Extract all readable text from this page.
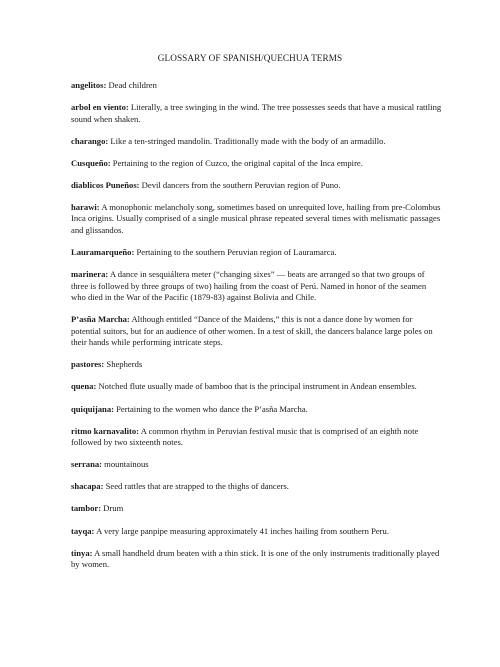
GLOSSARY OF SPANISH/QUECHUA TERMS

angelitos: Dead children

arbol en viento: Literally, a tree swinging in the wind. The tree possesses seeds that have a musical rattling sound when shaken.

charango: Like a ten-stringed mandolin. Traditionally made with the body of an armadillo.

Cusqueño: Pertaining to the region of Cuzco, the original capital of the Inca empire.

diablicos Puneños: Devil dancers from the southern Peruvian region of Puno.

harawi: A monophonic melancholy song, sometimes based on unrequited love, hailing from pre-Colombus Inca origins. Usually comprised of a single musical phrase repeated several times with melismatic passages and glissandos.

Lauramarqueño: Pertaining to the southern Peruvian region of Lauramarca.

marinera: A dance in sesquiáltera meter (“changing sixes” — beats are arranged so that two groups of three is followed by three groups of two) hailing from the coast of Perú. Named in honor of the seamen who died in the War of the Pacific (1879-83) against Bolivia and Chile.

P’asña Marcha: Although entitled “Dance of the Maidens,” this is not a dance done by women for potential suitors, but for an audience of other women. In a test of skill, the dancers balance large poles on their hands while performing intricate steps.

pastores: Shepherds

quena: Notched flute usually made of bamboo that is the principal instrument in Andean ensembles.

quiquijana: Pertaining to the women who dance the P’asña Marcha.

ritmo karnavalito: A common rhythm in Peruvian festival music that is comprised of an eighth note followed by two sixteenth notes.

serrana: mountainous

shacapa: Seed rattles that are strapped to the thighs of dancers.

tambor: Drum

tayqa: A very large panpipe measuring approximately 41 inches hailing from southern Peru.

tinya: A small handheld drum beaten with a thin stick. It is one of the only instruments traditionally played by women.
